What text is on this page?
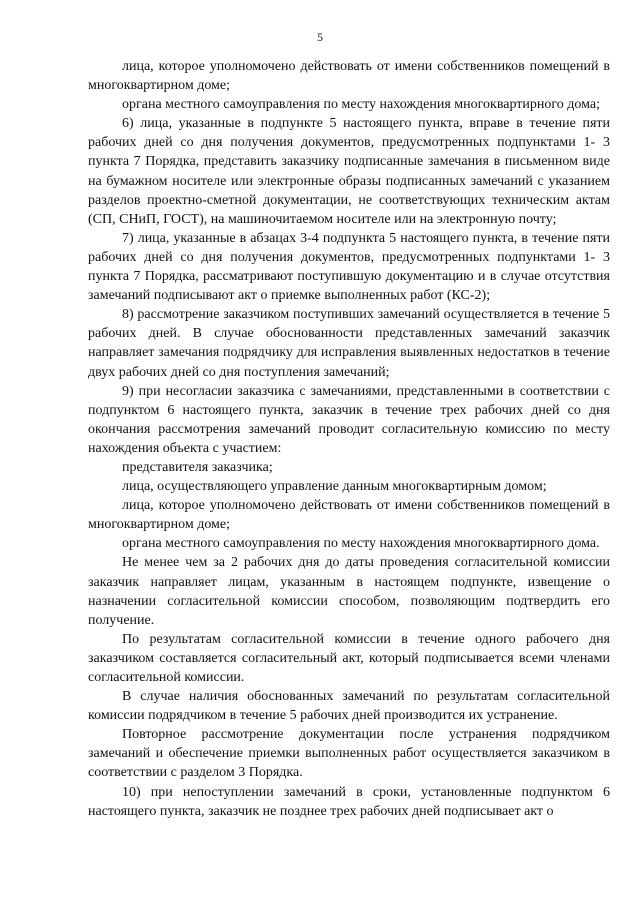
5

лица, которое уполномочено действовать от имени собственников помещений в многоквартирном доме;

органа местного самоуправления по месту нахождения многоквартирного дома;

6) лица, указанные в подпункте 5 настоящего пункта, вправе в течение пяти рабочих дней со дня получения документов, предусмотренных подпунктами 1- 3 пункта 7 Порядка, представить заказчику подписанные замечания в письменном виде на бумажном носителе или электронные образы подписанных замечаний с указанием разделов проектно-сметной документации, не соответствующих техническим актам (СП, СНиП, ГОСТ), на машиночитаемом носителе или на электронную почту;

7) лица, указанные в абзацах 3-4 подпункта 5 настоящего пункта, в течение пяти рабочих дней со дня получения документов, предусмотренных подпунктами 1- 3 пункта 7 Порядка, рассматривают поступившую документацию и в случае отсутствия замечаний подписывают акт о приемке выполненных работ (КС-2);

8) рассмотрение заказчиком поступивших замечаний осуществляется в течение 5 рабочих дней. В случае обоснованности представленных замечаний заказчик направляет замечания подрядчику для исправления выявленных недостатков в течение двух рабочих дней со дня поступления замечаний;

9) при несогласии заказчика с замечаниями, представленными в соответствии с подпунктом 6 настоящего пункта, заказчик в течение трех рабочих дней со дня окончания рассмотрения замечаний проводит согласительную комиссию по месту нахождения объекта с участием:

представителя заказчика;

лица, осуществляющего управление данным многоквартирным домом;

лица, которое уполномочено действовать от имени собственников помещений в многоквартирном доме;

органа местного самоуправления по месту нахождения многоквартирного дома.

Не менее чем за 2 рабочих дня до даты проведения согласительной комиссии заказчик направляет лицам, указанным в настоящем подпункте, извещение о назначении согласительной комиссии способом, позволяющим подтвердить его получение.

По результатам согласительной комиссии в течение одного рабочего дня заказчиком составляется согласительный акт, который подписывается всеми членами согласительной комиссии.

В случае наличия обоснованных замечаний по результатам согласительной комиссии подрядчиком в течение 5 рабочих дней производится их устранение.

Повторное рассмотрение документации после устранения подрядчиком замечаний и обеспечение приемки выполненных работ осуществляется заказчиком в соответствии с разделом 3 Порядка.

10) при непоступлении замечаний в сроки, установленные подпунктом 6 настоящего пункта, заказчик не позднее трех рабочих дней подписывает акт о
